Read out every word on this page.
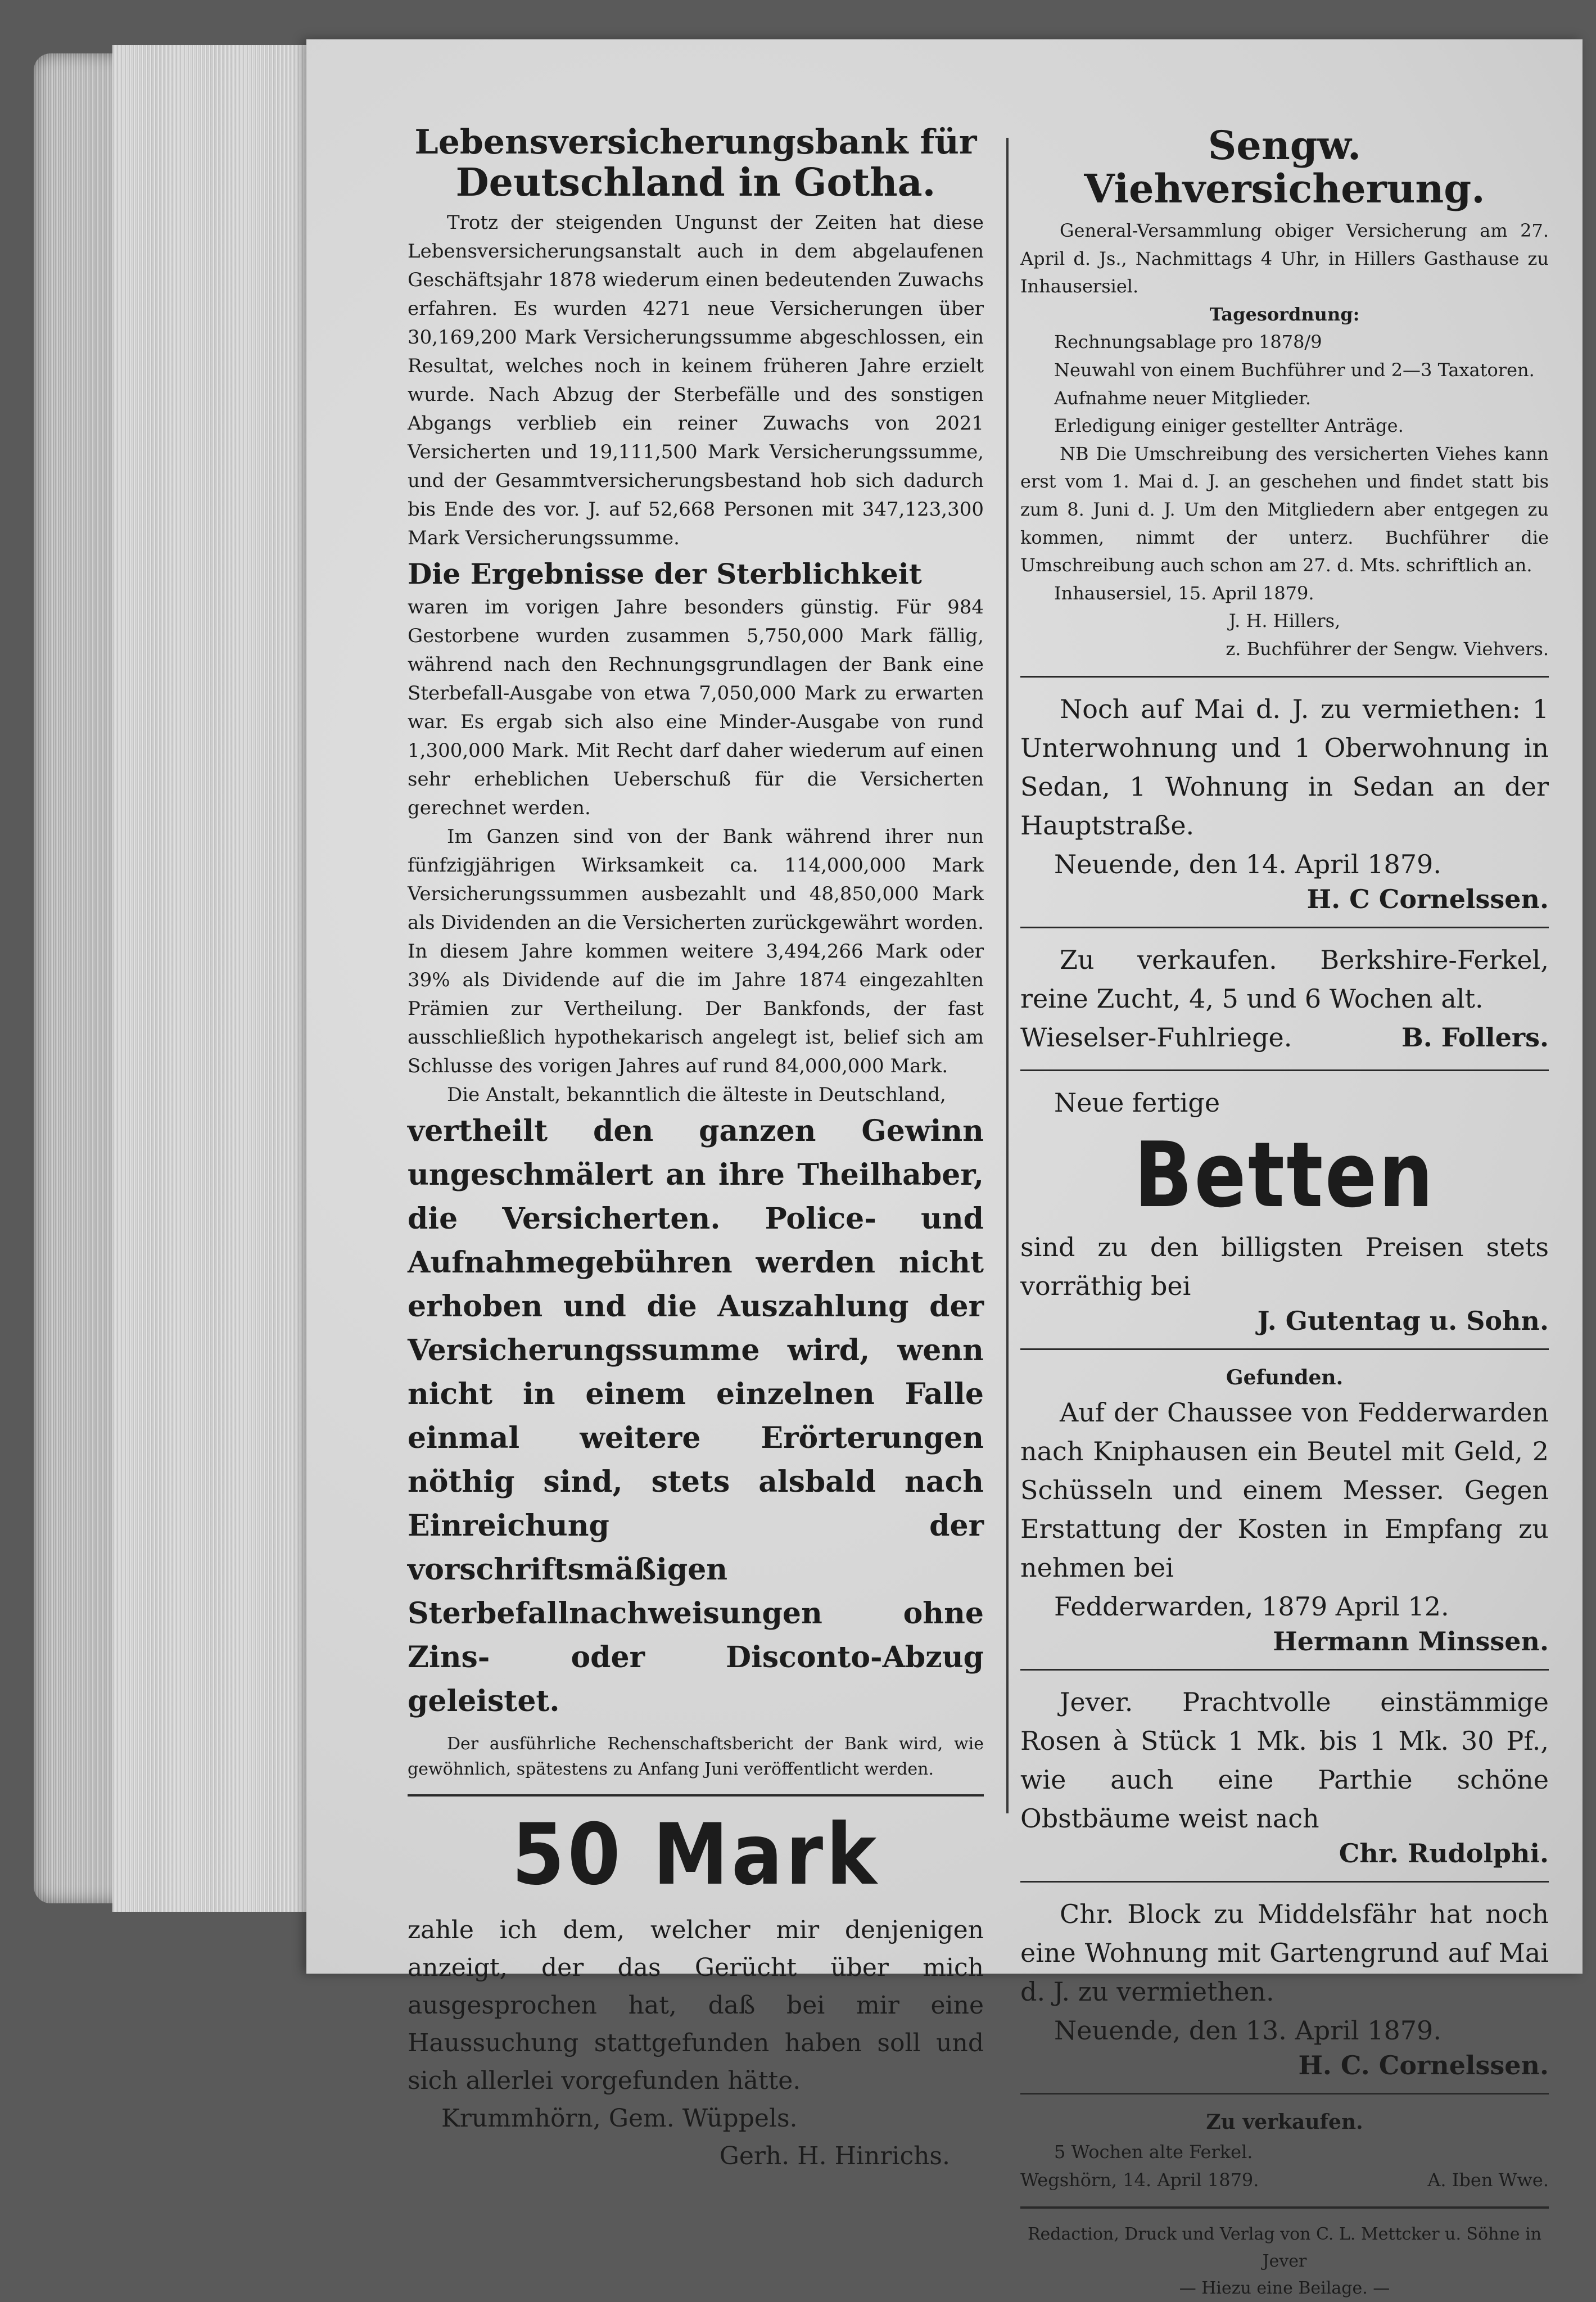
Lebensversicherungsbank für
Deutschland in Gotha.

Trotz der steigenden Ungunst der Zeiten hat diese Lebensversicherungsanstalt auch in dem abgelaufenen Geschäftsjahr 1878 wiederum einen bedeutenden Zuwachs erfahren. Es wurden 4271 neue Versicherungen über 30,169,200 Mark Versicherungssumme abgeschlossen, ein Resultat, welches noch in keinem früheren Jahre erzielt wurde. Nach Abzug der Sterbefälle und des sonstigen Abgangs verblieb ein reiner Zuwachs von 2021 Versicherten und 19,111,500 Mark Versicherungssumme, und der Gesammtversicherungsbestand hob sich dadurch bis Ende des vor. J. auf 52,668 Personen mit 347,123,300 Mark Versicherungssumme.

Die Ergebnisse der Sterblichkeit

waren im vorigen Jahre besonders günstig. Für 984 Gestorbene wurden zusammen 5,750,000 Mark fällig, während nach den Rechnungsgrundlagen der Bank eine Sterbefall-Ausgabe von etwa 7,050,000 Mark zu erwarten war. Es ergab sich also eine Minder-Ausgabe von rund 1,300,000 Mark. Mit Recht darf daher wiederum auf einen sehr erheblichen Ueberschuß für die Versicherten gerechnet werden.

Im Ganzen sind von der Bank während ihrer nun fünfzigjährigen Wirksamkeit ca. 114,000,000 Mark Versicherungssummen ausbezahlt und 48,850,000 Mark als Dividenden an die Versicherten zurückgewährt worden. In diesem Jahre kommen weitere 3,494,266 Mark oder 39% als Dividende auf die im Jahre 1874 eingezahlten Prämien zur Vertheilung. Der Bankfonds, der fast ausschließlich hypothekarisch angelegt ist, belief sich am Schlusse des vorigen Jahres auf rund 84,000,000 Mark.

Die Anstalt, bekanntlich die älteste in Deutschland,

vertheilt den ganzen Gewinn ungeschmälert an ihre Theilhaber, die Versicherten. Police- und Aufnahmegebühren werden nicht erhoben und die Auszahlung der Versicherungssumme wird, wenn nicht in einem einzelnen Falle einmal weitere Erörterungen nöthig sind, stets alsbald nach Einreichung der vorschriftsmäßigen Sterbefallnachweisungen ohne Zins- oder Disconto-Abzug geleistet.

Der ausführliche Rechenschaftsbericht der Bank wird, wie gewöhnlich, spätestens zu Anfang Juni veröffentlicht werden.

50 Mark

zahle ich dem, welcher mir denjenigen anzeigt, der das Gerücht über mich ausgesprochen hat, daß bei mir eine Haussuchung stattgefunden haben soll und sich allerlei vorgefunden hätte.

Krummhörn, Gem. Wüppels.
Gerh. H. Hinrichs.
Sengw. Viehversicherung.

General-Versammlung obiger Versicherung am 27. April d. Js., Nachmittags 4 Uhr, in Hillers Gasthause zu Inhausersiel.

Tagesordnung:
Rechnungsablage pro 1878/9
Neuwahl von einem Buchführer und 2—3 Taxatoren.
Aufnahme neuer Mitglieder.
Erledigung einiger gestellter Anträge.

NB Die Umschreibung des versicherten Viehes kann erst vom 1. Mai d. J. an geschehen und findet statt bis zum 8. Juni d. J. Um den Mitgliedern aber entgegen zu kommen, nimmt der unterz. Buchführer die Umschreibung auch schon am 27. d. Mts. schriftlich an.

Inhausersiel, 15. April 1879.
J. H. Hillers,
z. Buchführer der Sengw. Viehvers.

Noch auf Mai d. J. zu vermiethen: 1 Unterwohnung und 1 Oberwohnung in Sedan, 1 Wohnung in Sedan an der Hauptstraße.

Neuende, den 14. April 1879.
H. C Cornelssen.

Zu verkaufen. Berkshire-Ferkel, reine Zucht, 4, 5 und 6 Wochen alt.

Wieselser-Fuhlriege.	B. Follers.
Neue fertige
Betten

sind zu den billigsten Preisen stets vorräthig bei

J. Gutentag u. Sohn.
Gefunden.

Auf der Chaussee von Fedderwarden nach Kniphausen ein Beutel mit Geld, 2 Schüsseln und einem Messer. Gegen Erstattung der Kosten in Empfang zu nehmen bei

Fedderwarden, 1879 April 12.
Hermann Minssen.

Jever. Prachtvolle einstämmige Rosen à Stück 1 Mk. bis 1 Mk. 30 Pf., wie auch eine Parthie schöne Obstbäume weist nach

Chr. Rudolphi.

Chr. Block zu Middelsfähr hat noch eine Wohnung mit Gartengrund auf Mai d. J. zu vermiethen.

Neuende, den 13. April 1879.
H. C. Cornelssen.
Zu verkaufen.
5 Wochen alte Ferkel.
Wegshörn, 14. April 1879.	A. Iben Wwe.
Redaction, Druck und Verlag von C. L. Mettcker u. Söhne in Jever
— Hiezu eine Beilage. —
